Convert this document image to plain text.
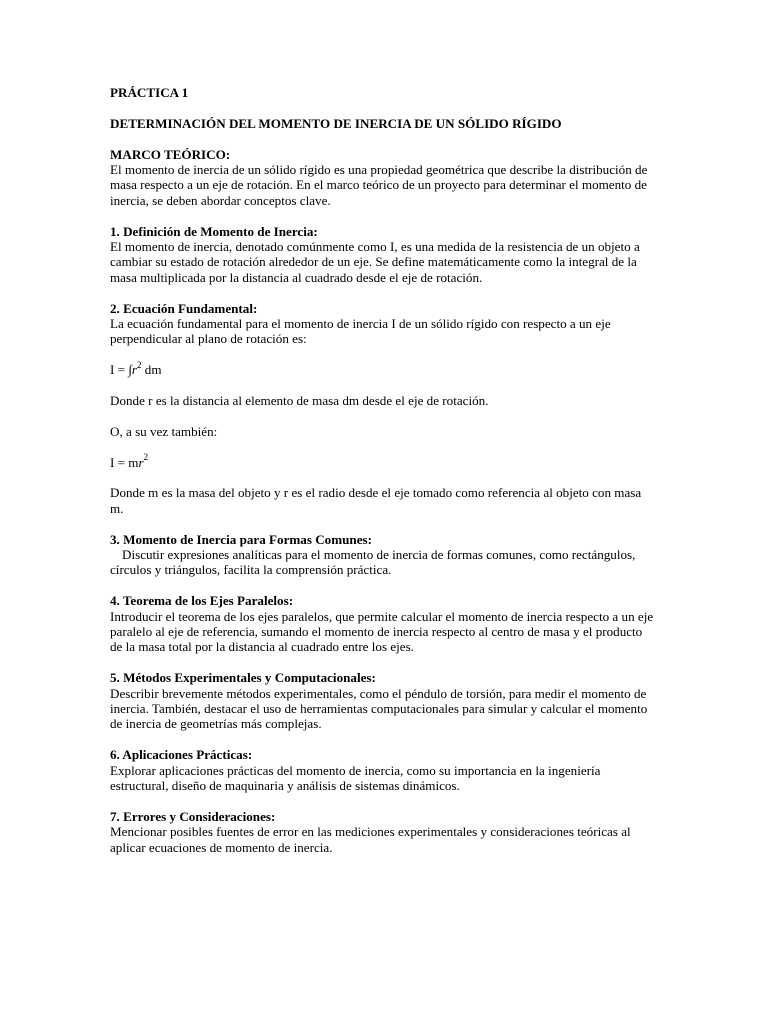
PRÁCTICA 1

DETERMINACIÓN DEL MOMENTO DE INERCIA DE UN SÓLIDO RÍGIDO

MARCO TEÓRICO:

El momento de inercia de un sólido rígido es una propiedad geométrica que describe la distribución de masa respecto a un eje de rotación. En el marco teórico de un proyecto para determinar el momento de inercia, se deben abordar conceptos clave.

1. Definición de Momento de Inercia:

El momento de inercia, denotado comúnmente como I, es una medida de la resistencia de un objeto a cambiar su estado de rotación alrededor de un eje. Se define matemáticamente como la integral de la masa multiplicada por la distancia al cuadrado desde el eje de rotación.

2. Ecuación Fundamental:

La ecuación fundamental para el momento de inercia I de un sólido rígido con respecto a un eje perpendicular al plano de rotación es:

$I = \int r^2$ dm

Donde r es la distancia al elemento de masa dm desde el eje de rotación.

O, a su vez también:

$I = mr^2$

Donde m es la masa del objeto y r es el radio desde el eje tomado como referencia al objeto con masa m.

3. Momento de Inercia para Formas Comunes:

Discutir expresiones analíticas para el momento de inercia de formas comunes, como rectángulos, círculos y triángulos, facilita la comprensión práctica.

4. Teorema de los Ejes Paralelos:

Introducir el teorema de los ejes paralelos, que permite calcular el momento de inercia respecto a un eje paralelo al eje de referencia, sumando el momento de inercia respecto al centro de masa y el producto de la masa total por la distancia al cuadrado entre los ejes.

5. Métodos Experimentales y Computacionales:

Describir brevemente métodos experimentales, como el péndulo de torsión, para medir el momento de inercia. También, destacar el uso de herramientas computacionales para simular y calcular el momento de inercia de geometrías más complejas.

6. Aplicaciones Prácticas:

Explorar aplicaciones prácticas del momento de inercia, como su importancia en la ingeniería estructural, diseño de maquinaria y análisis de sistemas dinámicos.

7. Errores y Consideraciones:

Mencionar posibles fuentes de error en las mediciones experimentales y consideraciones teóricas al aplicar ecuaciones de momento de inercia.
